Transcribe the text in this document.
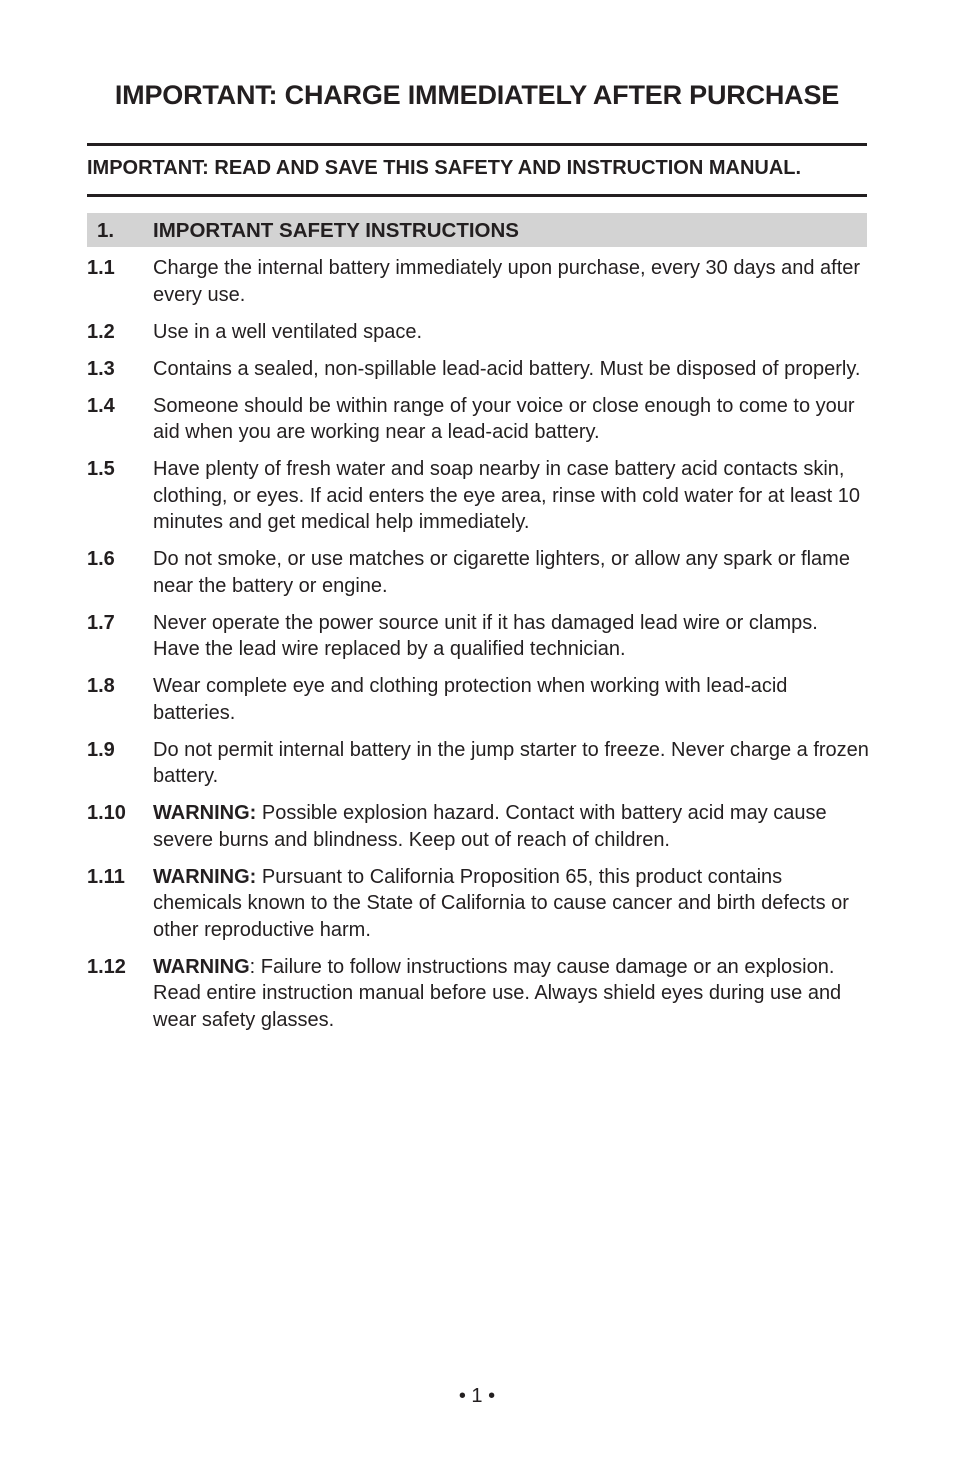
IMPORTANT: CHARGE IMMEDIATELY AFTER PURCHASE

IMPORTANT: READ AND SAVE THIS SAFETY AND INSTRUCTION MANUAL.

1. IMPORTANT SAFETY INSTRUCTIONS
1.1 Charge the internal battery immediately upon purchase, every 30 days and after every use.
1.2 Use in a well ventilated space.
1.3 Contains a sealed, non-spillable lead-acid battery. Must be disposed of properly.
1.4 Someone should be within range of your voice or close enough to come to your aid when you are working near a lead-acid battery.
1.5 Have plenty of fresh water and soap nearby in case battery acid contacts skin, clothing, or eyes. If acid enters the eye area, rinse with cold water for at least 10 minutes and get medical help immediately.
1.6 Do not smoke, or use matches or cigarette lighters, or allow any spark or flame near the battery or engine.
1.7 Never operate the power source unit if it has damaged lead wire or clamps. Have the lead wire replaced by a qualified technician.
1.8 Wear complete eye and clothing protection when working with lead-acid batteries.
1.9 Do not permit internal battery in the jump starter to freeze. Never charge a frozen battery.
1.10 WARNING: Possible explosion hazard. Contact with battery acid may cause severe burns and blindness. Keep out of reach of children.
1.11 WARNING: Pursuant to California Proposition 65, this product contains chemicals known to the State of California to cause cancer and birth defects or other reproductive harm.
1.12 WARNING: Failure to follow instructions may cause damage or an explosion. Read entire instruction manual before use. Always shield eyes during use and wear safety glasses.
• 1 •
